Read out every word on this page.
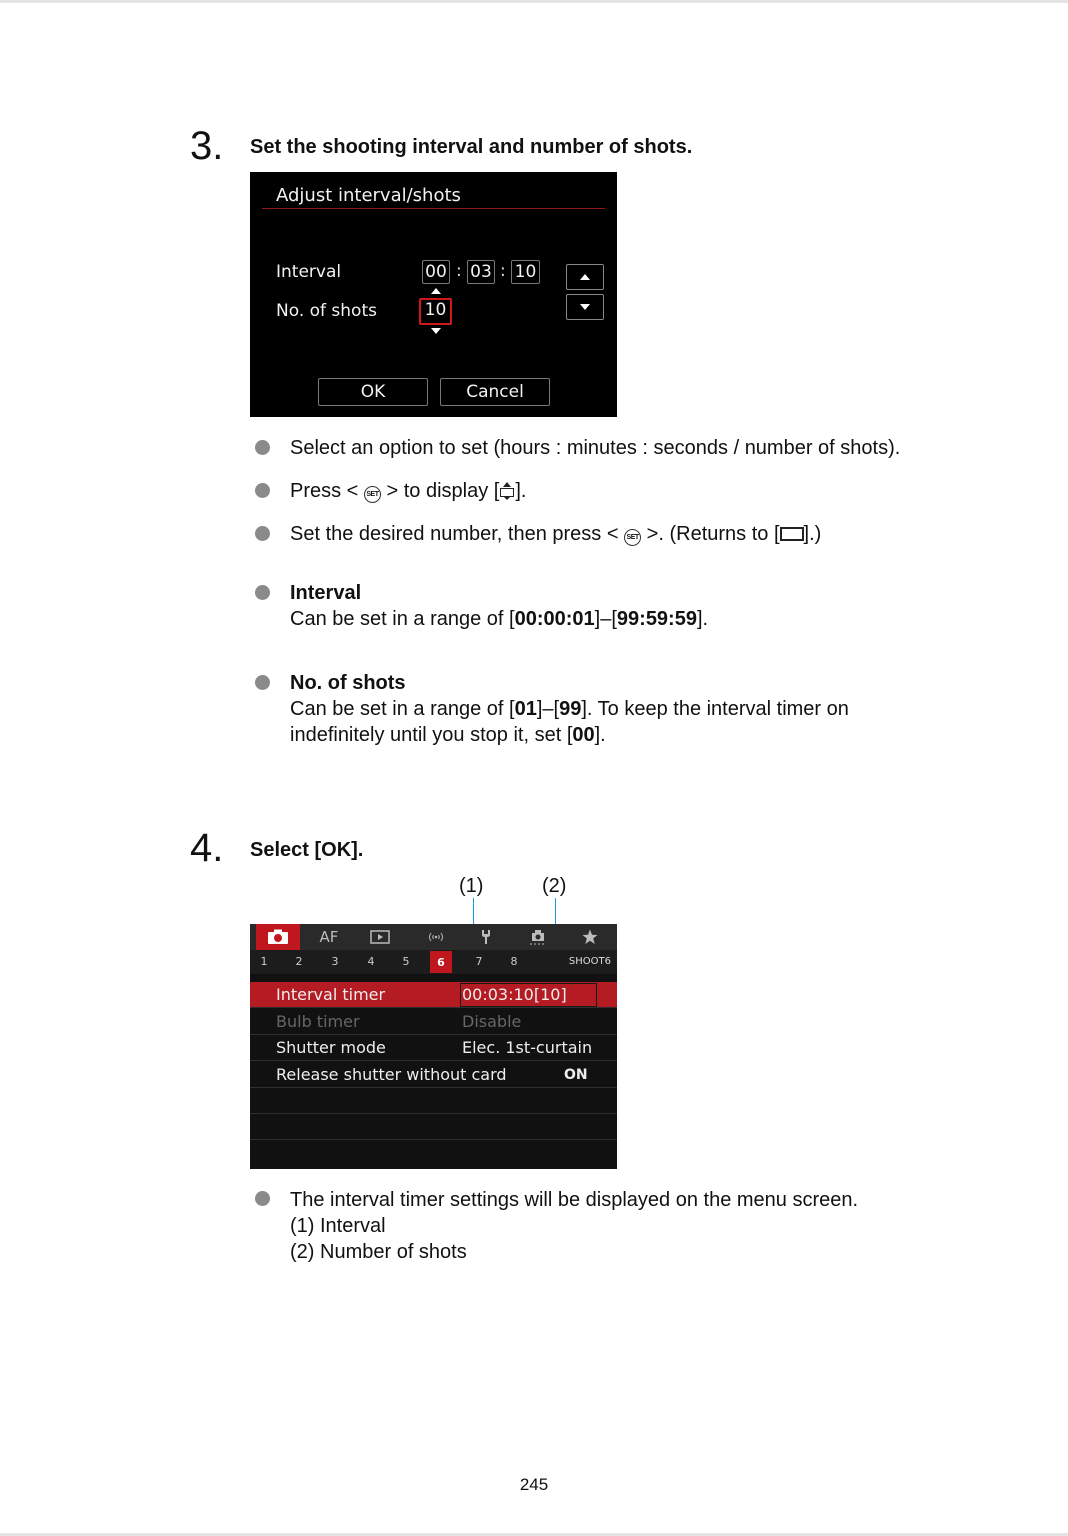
3. Set the shooting interval and number of shots.
Adjust interval/shots
Interval	00 : 03 : 10
No. of shots	10
OK	Cancel
Select an option to set (hours : minutes : seconds / number of shots).
Press < SET > to display [ ].
Set the desired number, then press < SET >. (Returns to [ ].)
Interval
Can be set in a range of [00:00:01]–[99:59:59].
No. of shots
Can be set in a range of [01]–[99]. To keep the interval timer on
indefinitely until you stop it, set [00].
4. Select [OK].
(1)	(2)
AF
1	2	3	4	5	6	7	8	SHOOT6
Interval timer	00:03:10[10]
Bulb timer	Disable
Shutter mode	Elec. 1st-curtain
Release shutter without card	ON
The interval timer settings will be displayed on the menu screen.
(1) Interval
(2) Number of shots
245
